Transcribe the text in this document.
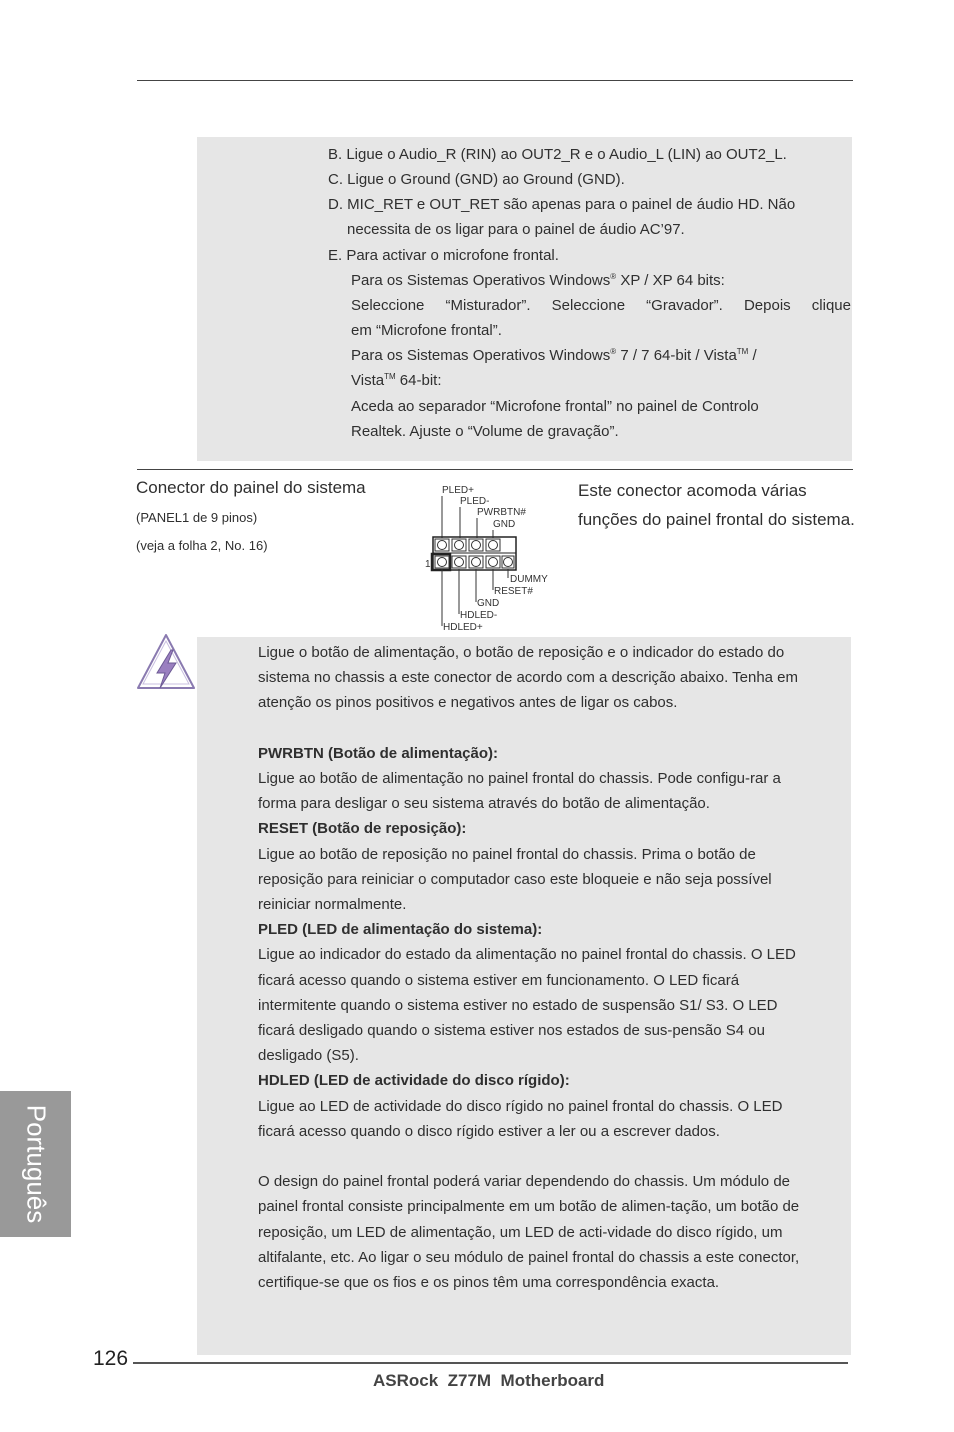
B. Ligue o Audio_R (RIN) ao OUT2_R e o Audio_L (LIN) ao OUT2_L.
C. Ligue o Ground (GND) ao Ground (GND).
D. MIC_RET e OUT_RET são apenas para o painel de áudio HD. Não
necessita de os ligar para o painel de áudio AC’97.
E. Para activar o microfone frontal.
Para os Sistemas Operativos Windows® XP / XP 64 bits:
Seleccione “Misturador”. Seleccione “Gravador”. Depois clique
em “Microfone frontal”.
Para os Sistemas Operativos Windows® 7 / 7 64-bit / Vista™ /
Vista™ 64-bit:
Aceda ao separador “Microfone frontal” no painel de Controlo
Realtek. Ajuste o “Volume de gravação”.
Conector do painel do sistema
(PANEL1 de 9 pinos)
(veja a folha 2, No. 16)
Este conector acomoda várias funções do painel frontal do sistema.
PLED+
PLED-
PWRBTN#
GND
1
DUMMY
RESET#
GND
HDLED-
HDLED+

Ligue o botão de alimentação, o botão de reposição e o indicador do estado do sistema no chassis a este conector de acordo com a descrição abaixo. Tenha em atenção os pinos positivos e negativos antes de ligar os cabos.

PWRBTN (Botão de alimentação):

Ligue ao botão de alimentação no painel frontal do chassis. Pode configu-rar a forma para desligar o seu sistema através do botão de alimentação.

RESET (Botão de reposição):

Ligue ao botão de reposição no painel frontal do chassis. Prima o botão de reposição para reiniciar o computador caso este bloqueie e não seja possível reiniciar normalmente.

PLED (LED de alimentação do sistema):

Ligue ao indicador do estado da alimentação no painel frontal do chassis. O LED ficará acesso quando o sistema estiver em funcionamento. O LED ficará intermitente quando o sistema estiver no estado de suspensão S1/ S3. O LED ficará desligado quando o sistema estiver nos estados de sus-pensão S4 ou desligado (S5).

HDLED (LED de actividade do disco rígido):

Ligue ao LED de actividade do disco rígido no painel frontal do chassis. O LED ficará acesso quando o disco rígido estiver a ler ou a escrever dados.

O design do painel frontal poderá variar dependendo do chassis. Um módulo de painel frontal consiste principalmente em um botão de alimen-tação, um botão de reposição, um LED de alimentação, um LED de acti-vidade do disco rígido, um altifalante, etc. Ao ligar o seu módulo de painel frontal do chassis a este conector, certifique-se que os fios e os pinos têm uma correspondência exacta.

Português
126
ASRock  Z77M  Motherboard
